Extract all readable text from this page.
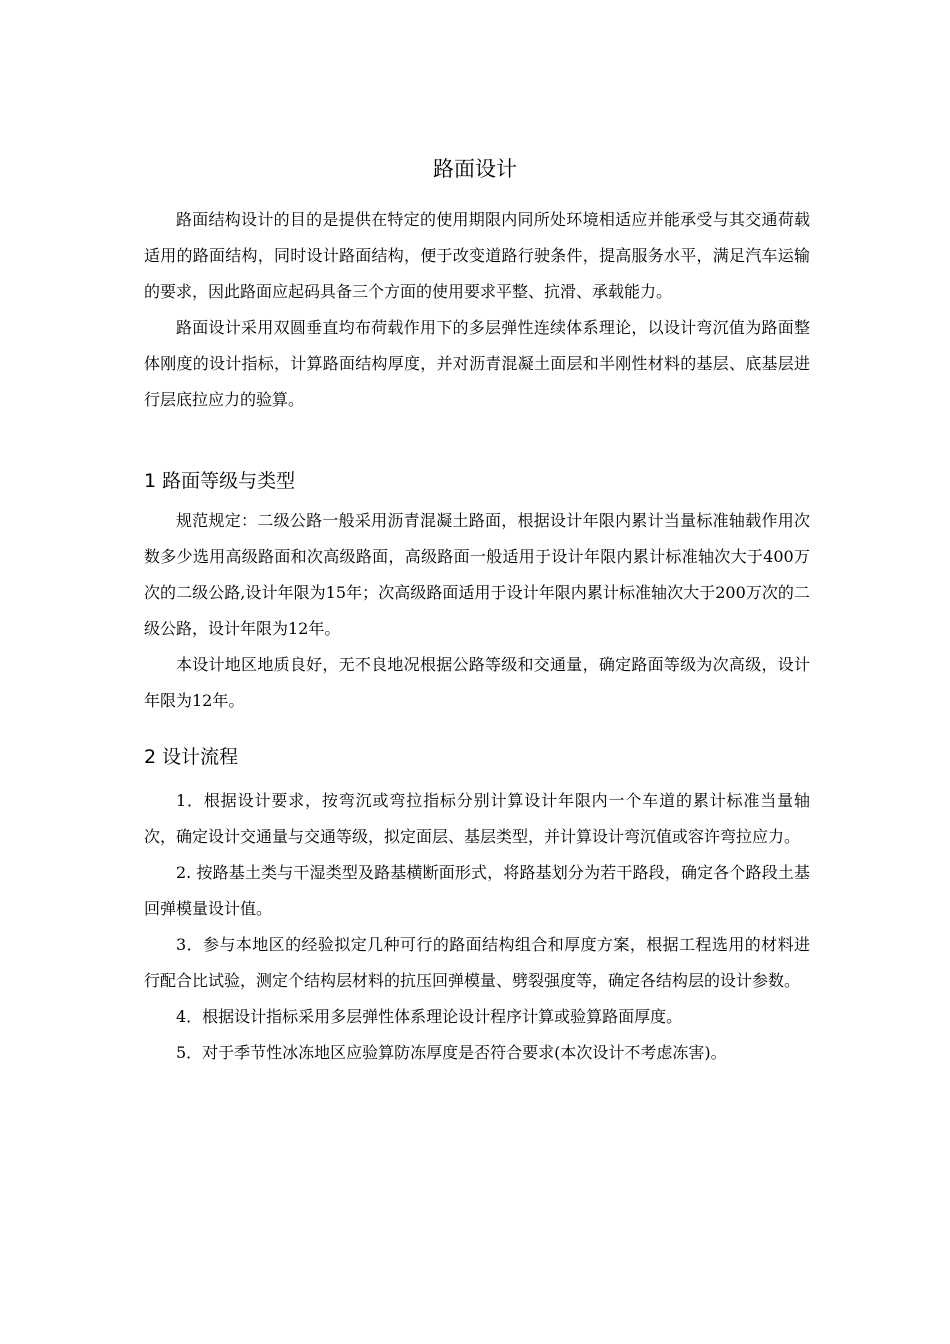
路面设计

路面结构设计的目的是提供在特定的使用期限内同所处环境相适应并能承受与其交通荷载适用的路面结构，同时设计路面结构，便于改变道路行驶条件，提高服务水平，满足汽车运输的要求，因此路面应起码具备三个方面的使用要求平整、抗滑、承载能力。

路面设计采用双圆垂直均布荷载作用下的多层弹性连续体系理论，以设计弯沉值为路面整体刚度的设计指标，计算路面结构厚度，并对沥青混凝土面层和半刚性材料的基层、底基层进行层底拉应力的验算。

1 路面等级与类型

规范规定：二级公路一般采用沥青混凝土路面，根据设计年限内累计当量标准轴载作用次数多少选用高级路面和次高级路面，高级路面一般适用于设计年限内累计标准轴次大于400万次的二级公路,设计年限为15年；次高级路面适用于设计年限内累计标准轴次大于200万次的二级公路，设计年限为12年。

本设计地区地质良好，无不良地况根据公路等级和交通量，确定路面等级为次高级，设计年限为12年。

2 设计流程

1．根据设计要求，按弯沉或弯拉指标分别计算设计年限内一个车道的累计标准当量轴次，确定设计交通量与交通等级，拟定面层、基层类型，并计算设计弯沉值或容许弯拉应力。

2. 按路基土类与干湿类型及路基横断面形式，将路基划分为若干路段，确定各个路段土基回弹模量设计值。

3．参与本地区的经验拟定几种可行的路面结构组合和厚度方案，根据工程选用的材料进行配合比试验，测定个结构层材料的抗压回弹模量、劈裂强度等，确定各结构层的设计参数。

4．根据设计指标采用多层弹性体系理论设计程序计算或验算路面厚度。

5．对于季节性冰冻地区应验算防冻厚度是否符合要求(本次设计不考虑冻害)。
